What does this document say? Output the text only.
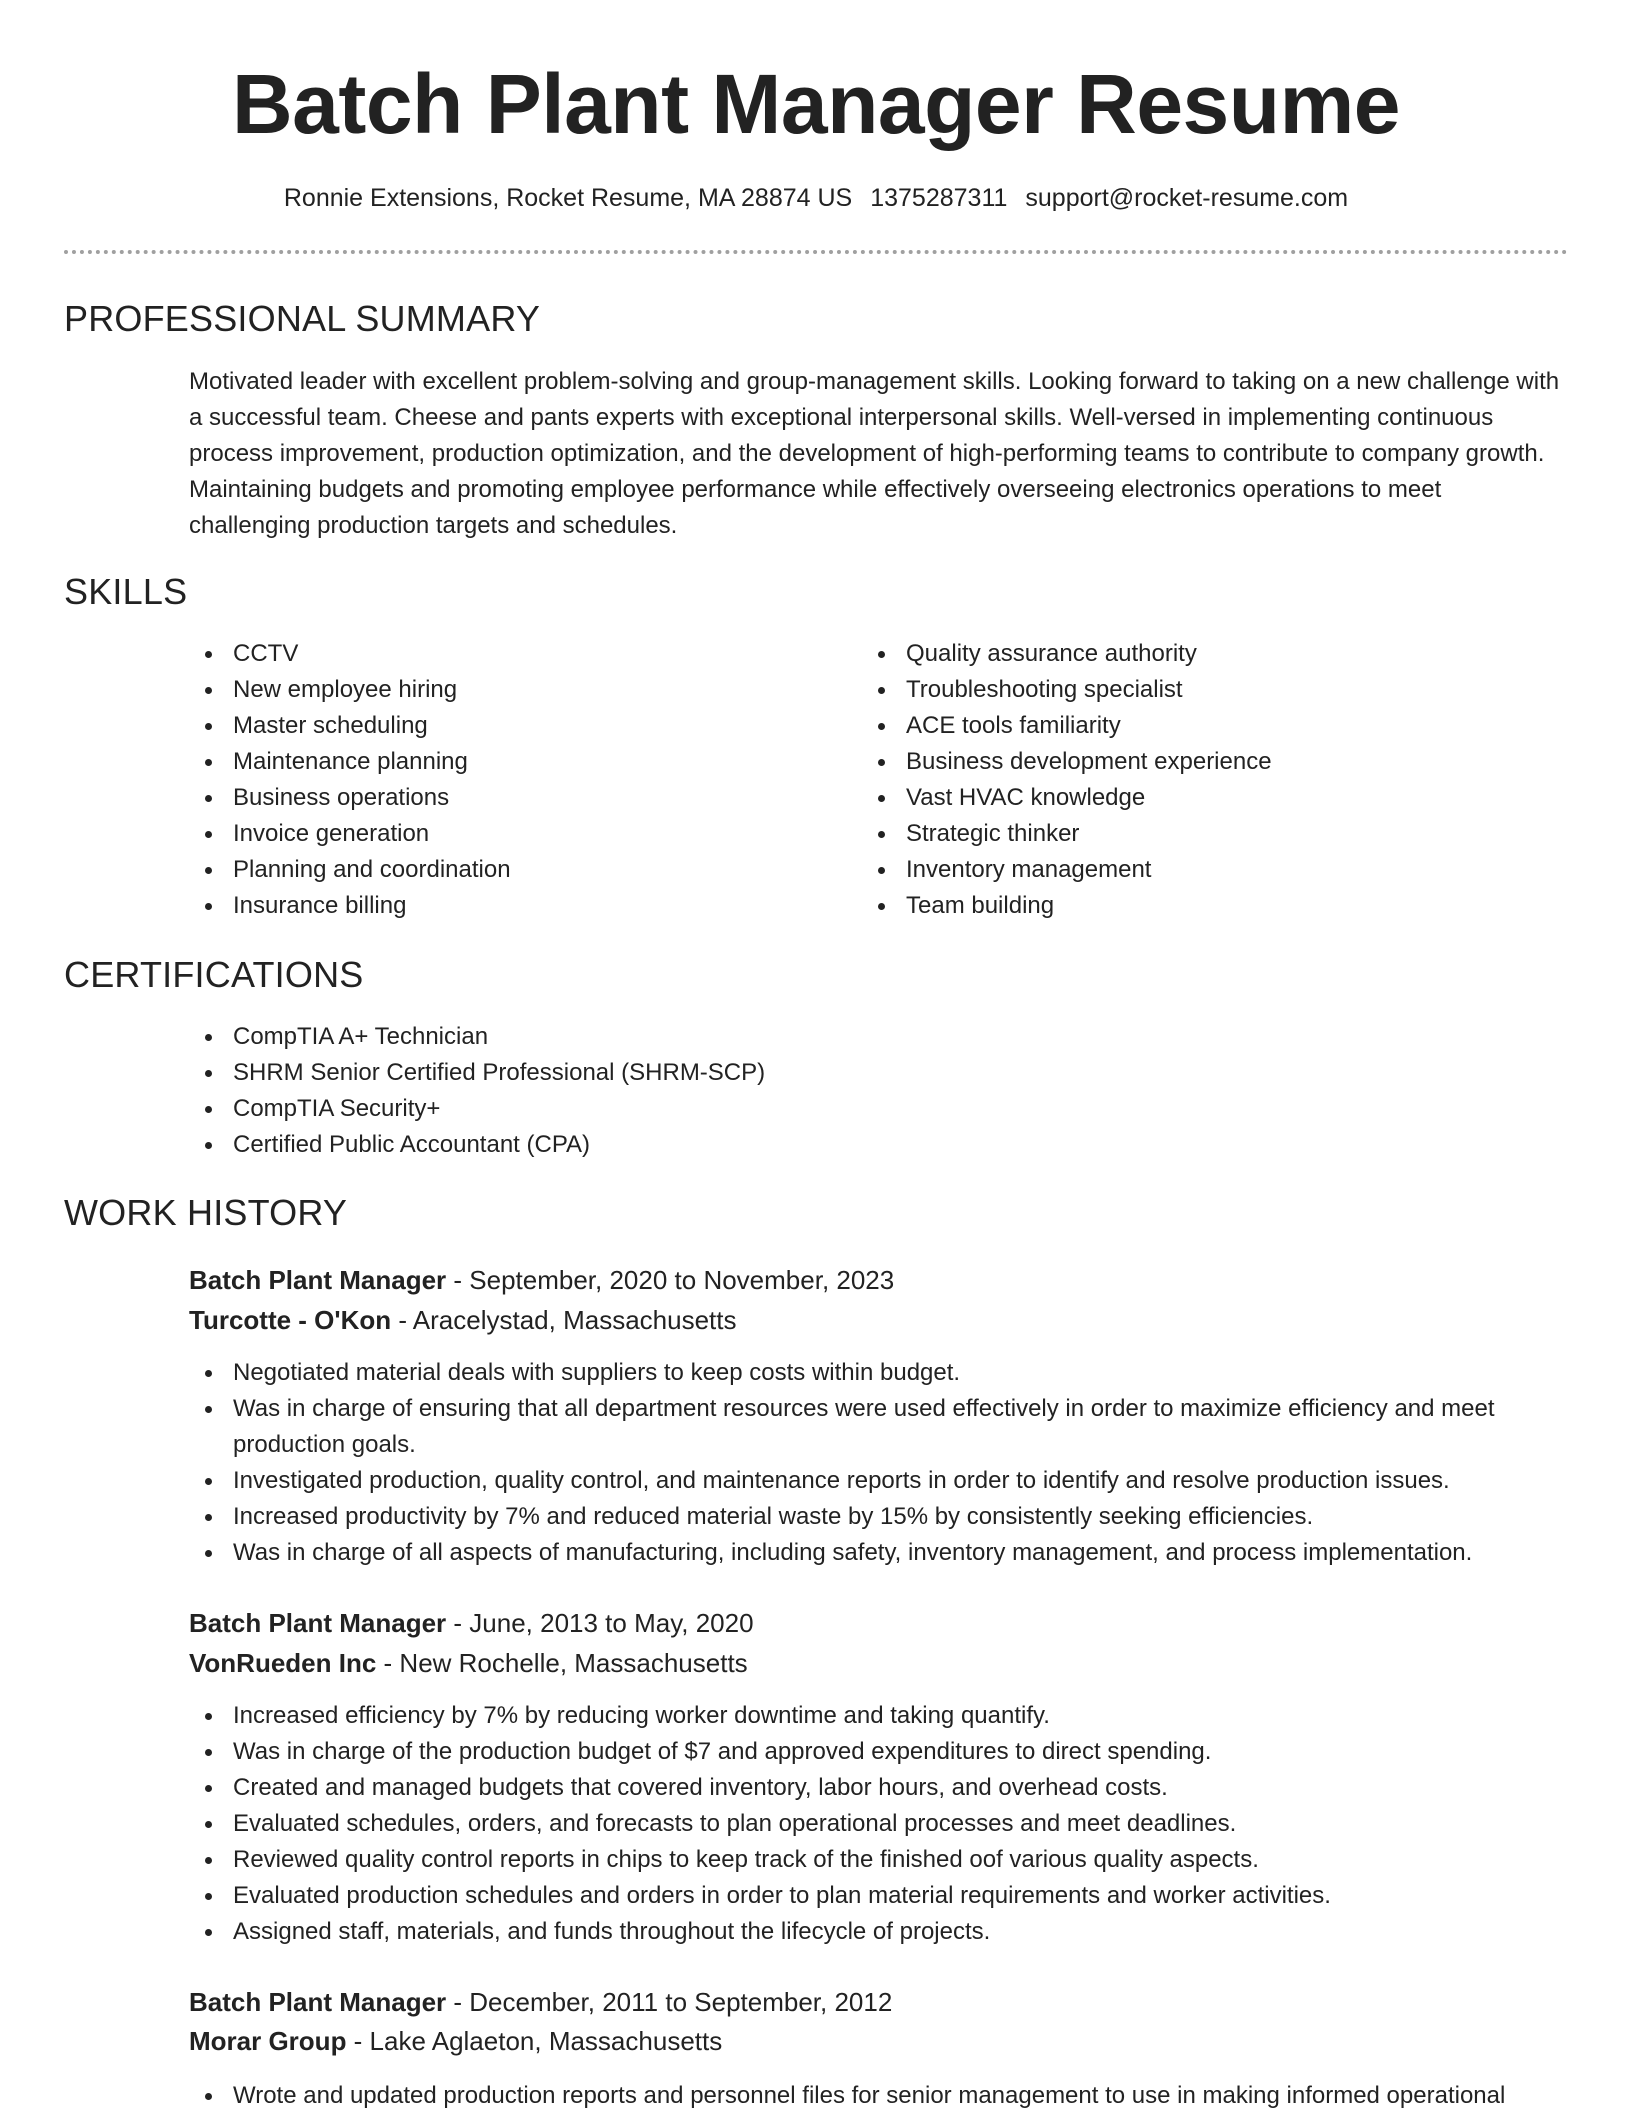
Batch Plant Manager Resume
Ronnie Extensions, Rocket Resume, MA 28874 US 1375287311 support@rocket-resume.com
PROFESSIONAL SUMMARY

Motivated leader with excellent problem-solving and group-management skills. Looking forward to taking on a new challenge with a successful team. Cheese and pants experts with exceptional interpersonal skills. Well-versed in implementing continuous process improvement, production optimization, and the development of high-performing teams to contribute to company growth. Maintaining budgets and promoting employee performance while effectively overseeing electronics operations to meet challenging production targets and schedules.

SKILLS
CCTV
New employee hiring
Master scheduling
Maintenance planning
Business operations
Invoice generation
Planning and coordination
Insurance billing
Quality assurance authority
Troubleshooting specialist
ACE tools familiarity
Business development experience
Vast HVAC knowledge
Strategic thinker
Inventory management
Team building
CERTIFICATIONS
CompTIA A+ Technician
SHRM Senior Certified Professional (SHRM-SCP)
CompTIA Security+
Certified Public Accountant (CPA)
WORK HISTORY
Batch Plant Manager - September, 2020 to November, 2023
Turcotte - O'Kon - Aracelystad, Massachusetts
Negotiated material deals with suppliers to keep costs within budget.
Was in charge of ensuring that all department resources were used effectively in order to maximize efficiency and meet production goals.
Investigated production, quality control, and maintenance reports in order to identify and resolve production issues.
Increased productivity by 7% and reduced material waste by 15% by consistently seeking efficiencies.
Was in charge of all aspects of manufacturing, including safety, inventory management, and process implementation.
Batch Plant Manager - June, 2013 to May, 2020
VonRueden Inc - New Rochelle, Massachusetts
Increased efficiency by 7% by reducing worker downtime and taking quantify.
Was in charge of the production budget of $7 and approved expenditures to direct spending.
Created and managed budgets that covered inventory, labor hours, and overhead costs.
Evaluated schedules, orders, and forecasts to plan operational processes and meet deadlines.
Reviewed quality control reports in chips to keep track of the finished oof various quality aspects.
Evaluated production schedules and orders in order to plan material requirements and worker activities.
Assigned staff, materials, and funds throughout the lifecycle of projects.
Batch Plant Manager - December, 2011 to September, 2012
Morar Group - Lake Aglaeton, Massachusetts
Wrote and updated production reports and personnel files for senior management to use in making informed operational
